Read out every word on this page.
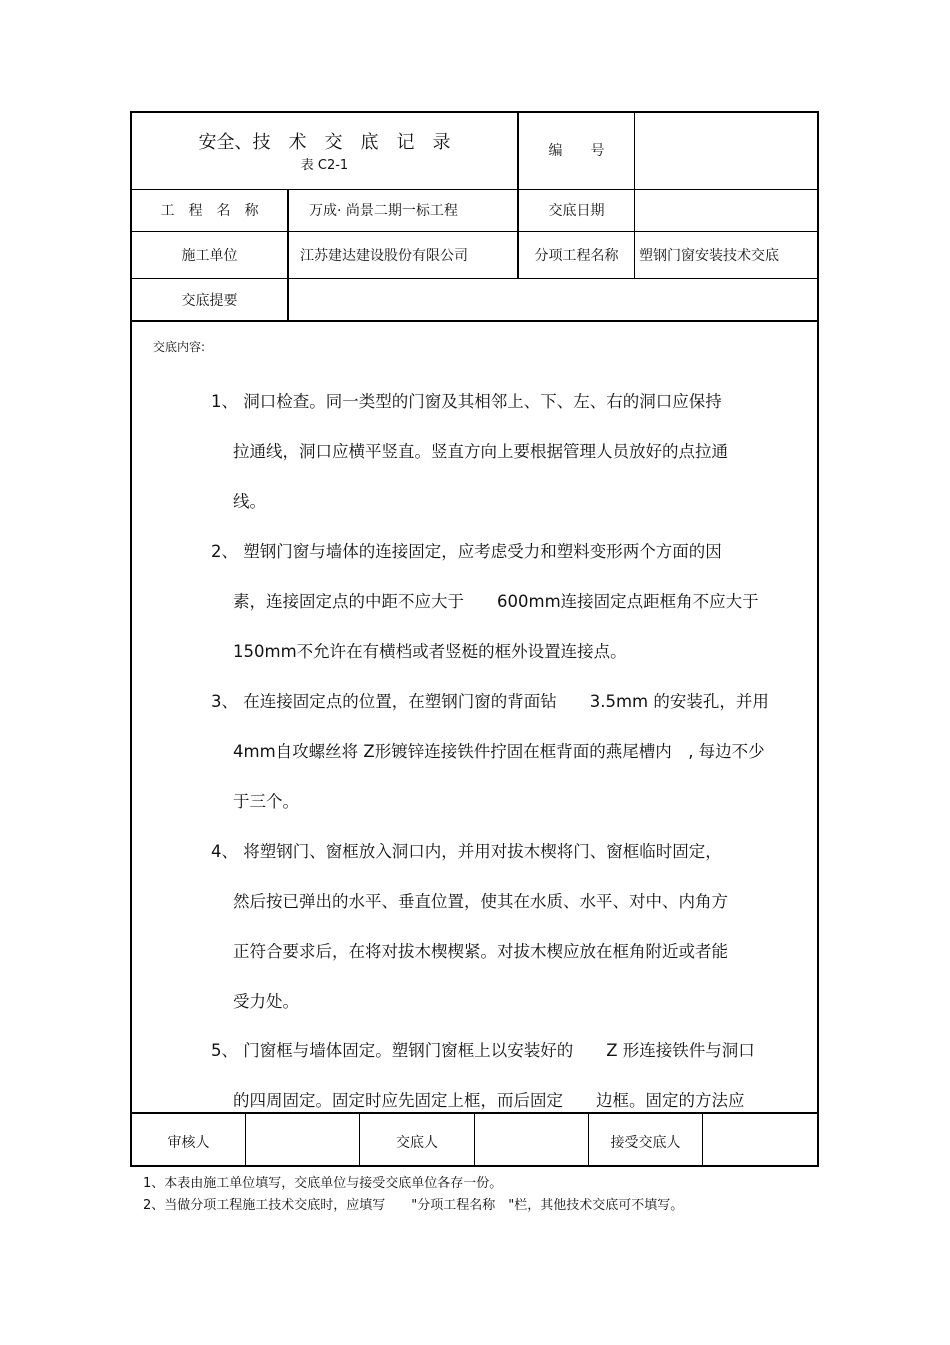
安全、技　术　交　底　记　录
表 C2-1
编　　号
工　程　名　称	万成· 尚景二期一标工程	交底日期
施工单位	江苏建达建设股份有限公司	分项工程名称	塑钢门窗安装技术交底
交底提要
交底内容:
1、 洞口检查。同一类型的门窗及其相邻上、下、左、右的洞口应保持
拉通线，洞口应横平竖直。竖直方向上要根据管理人员放好的点拉通
线。
2、 塑钢门窗与墙体的连接固定，应考虑受力和塑料变形两个方面的因
素，连接固定点的中距不应大于　　600mm连接固定点距框角不应大于
150mm不允许在有横档或者竖梃的框外设置连接点。
3、 在连接固定点的位置，在塑钢门窗的背面钻　　3.5mm 的安装孔，并用
4mm自攻螺丝将 Z形镀锌连接铁件拧固在框背面的燕尾槽内　, 每边不少
于三个。
4、 将塑钢门、窗框放入洞口内，并用对拔木楔将门、窗框临时固定，
然后按已弹出的水平、垂直位置，使其在水质、水平、对中、内角方
正符合要求后，在将对拔木楔楔紧。对拔木楔应放在框角附近或者能
受力处。
5、 门窗框与墙体固定。塑钢门窗框上以安装好的　　Z 形连接铁件与洞口
的四周固定。固定时应先固定上框，而后固定　　边框。固定的方法应
审核人	交底人	接受交底人
1、本表由施工单位填写，交底单位与接受交底单位各存一份。
2、当做分项工程施工技术交底时，应填写　　"分项工程名称　"栏，其他技术交底可不填写。
